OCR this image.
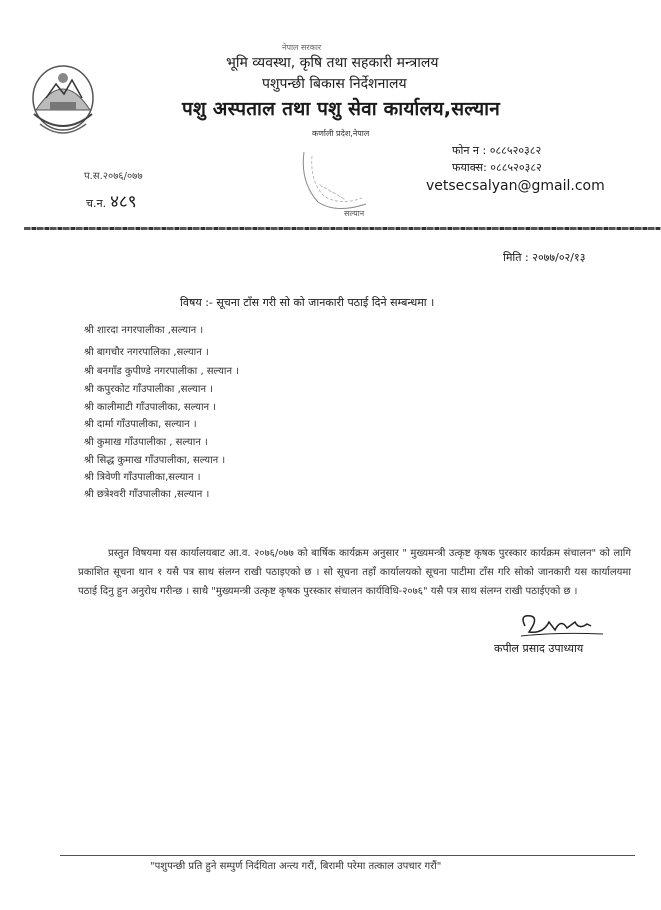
नेपाल सरकार
भूमि व्यवस्था, कृषि तथा सहकारी मन्त्रालय
पशुपन्छी बिकास निर्देशनालय
पशु अस्पताल तथा पशु सेवा कार्यालय,सल्यान
कर्णाली प्रदेश,नेपाल
फोन न : ०८८५२०३८२
फयाक्स: ०८८५२०३८२
vetsecsalyan@gmail.com
प.स.२०७६/०७७
च.न. ४८९	~~~~~~
सल्यान
मिति : २०७७/०२/१३
विषय :- सूचना टाँस गरी सो को जानकारी पठाई दिने सम्बन्धमा ।
श्री शारदा नगरपालीका ,सल्यान ।
श्री बागचौर नगरपालिका ,सल्यान ।
श्री बनगाँड कुपीण्डे नगरपालीका , सल्यान ।
श्री कपुरकोट गाँउपालीका ,सल्यान ।
श्री कालीमाटी गाँउपालीका, सल्यान ।
श्री दार्मा गाँउपालीका, सल्यान ।
श्री कुमाख गाँउपालीका , सल्यान ।
श्री सिद्ध कुमाख गाँउपालीका, सल्यान ।
श्री त्रिवेणी गाँउपालीका,सल्यान ।
श्री छत्रेश्वरी गाँउपालीका ,सल्यान ।
प्रस्तुत विषयमा यस कार्यालयबाट आ.व. २०७६/०७७ को बार्षिक कार्यक्रम अनुसार " मुख्यमन्त्री उत्कृष्ट कृषक पुरस्कार कार्यक्रम संचालन" को लागि प्रकाशित सूचना थान १ यसै पत्र साथ संलग्न राखी पठाइएको छ । सो सूचना तहाँ कार्यालयको सूचना पाटीमा टाँस गरि सोको जानकारी यस कार्यालयमा पठाई दिनु हुन अनुरोध गरीन्छ । साथै "मुख्यमन्त्री उत्कृष्ट कृषक पुरस्कार संचालन कार्यविधि-२०७६" यसै पत्र साथ संलग्न राखी पठाईएको छ ।
कपील प्रसाद उपाध्याय
"पशुपन्छी प्रति हुने सम्पुर्ण निर्दयिता अन्त्य गरौं, बिरामी परेमा तत्काल उपचार गरौं"
